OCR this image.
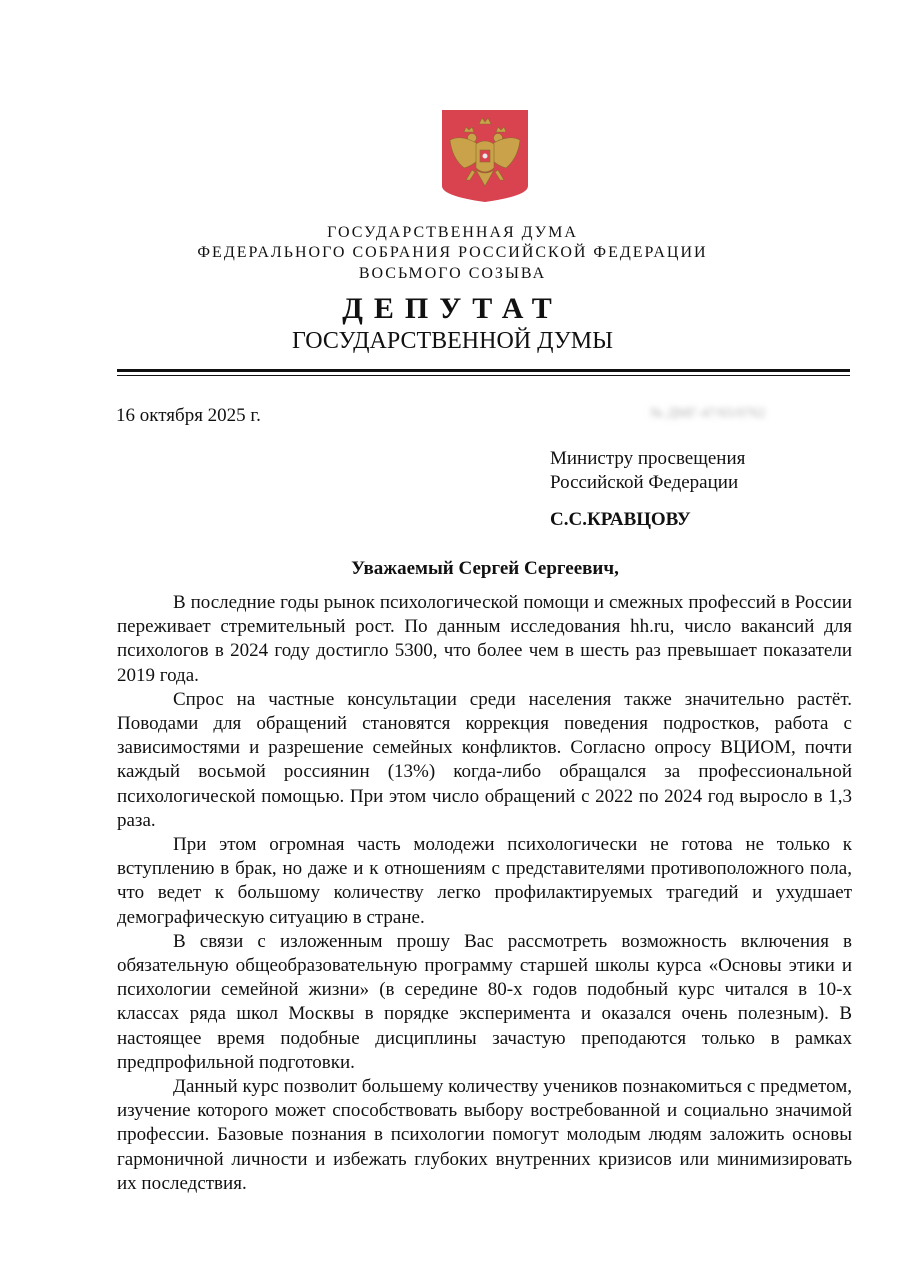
ГОСУДАРСТВЕННАЯ ДУМА
ФЕДЕРАЛЬНОГО СОБРАНИЯ РОССИЙСКОЙ ФЕДЕРАЦИИ
ВОСЬМОГО СОЗЫВА
ДЕПУТАТ
ГОСУДАРСТВЕННОЙ ДУМЫ
16 октября 2025 г.	№ ДМГ-47/65/0762
Министру просвещения
Российской Федерации
С.С.КРАВЦОВУ
Уважаемый Сергей Сергеевич,

В последние годы рынок психологической помощи и смежных профессий в России переживает стремительный рост. По данным исследования hh.ru, число вакансий для психологов в 2024 году достигло 5300, что более чем в шесть раз превышает показатели 2019 года.

Спрос на частные консультации среди населения также значительно растёт. Поводами для обращений становятся коррекция поведения подростков, работа с зависимостями и разрешение семейных конфликтов. Согласно опросу ВЦИОМ, почти каждый восьмой россиянин (13%) когда-либо обращался за профессиональной психологической помощью. При этом число обращений с 2022 по 2024 год выросло в 1,3 раза.

При этом огромная часть молодежи психологически не готова не только к вступлению в брак, но даже и к отношениям с представителями противоположного пола, что ведет к большому количеству легко профилактируемых трагедий и ухудшает демографическую ситуацию в стране.

В связи с изложенным прошу Вас рассмотреть возможность включения в обязательную общеобразовательную программу старшей школы курса «Основы этики и психологии семейной жизни» (в середине 80-х годов подобный курс читался в 10-х классах ряда школ Москвы в порядке эксперимента и оказался очень полезным). В настоящее время подобные дисциплины зачастую преподаются только в рамках предпрофильной подготовки.

Данный курс позволит большему количеству учеников познакомиться с предметом, изучение которого может способствовать выбору востребованной и социально значимой профессии. Базовые познания в психологии помогут молодым людям заложить основы гармоничной личности и избежать глубоких внутренних кризисов или минимизировать их последствия.
